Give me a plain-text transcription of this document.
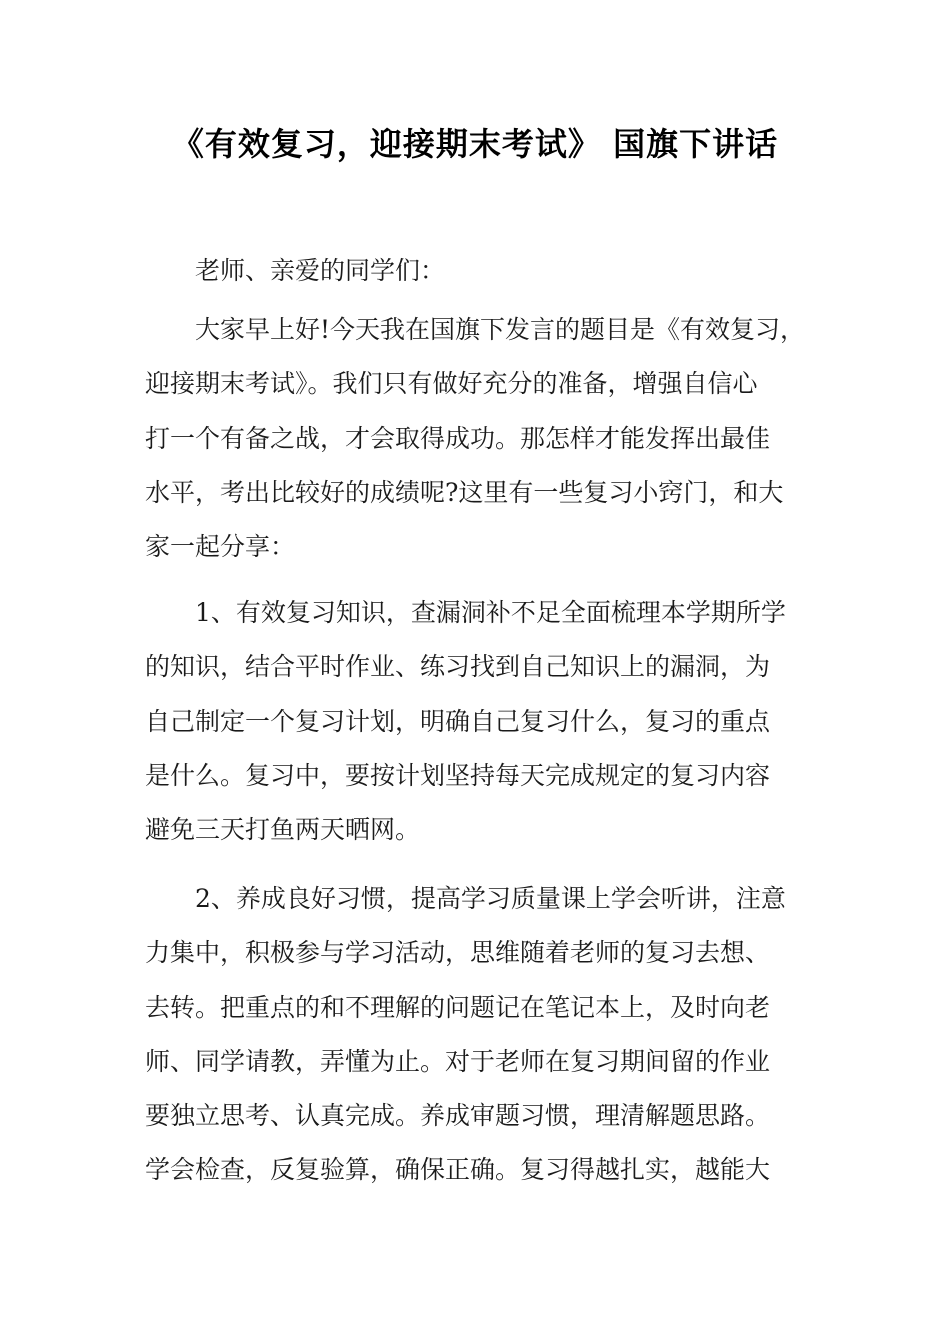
《有效复习，迎接期末考试》 国旗下讲话
老师、亲爱的同学们：
大家早上好!今天我在国旗下发言的题目是《有效复习，
迎接期末考试》。我们只有做好充分的准备，增强自信心
打一个有备之战，才会取得成功。那怎样才能发挥出最佳
水平，考出比较好的成绩呢?这里有一些复习小窍门，和大
家一起分享：
1、有效复习知识，查漏洞补不足全面梳理本学期所学
的知识，结合平时作业、练习找到自己知识上的漏洞，为
自己制定一个复习计划，明确自己复习什么，复习的重点
是什么。复习中，要按计划坚持每天完成规定的复习内容
避免三天打鱼两天晒网。
2、养成良好习惯，提高学习质量课上学会听讲，注意
力集中，积极参与学习活动，思维随着老师的复习去想、
去转。把重点的和不理解的问题记在笔记本上，及时向老
师、同学请教，弄懂为止。对于老师在复习期间留的作业
要独立思考、认真完成。养成审题习惯，理清解题思路。
学会检查，反复验算，确保正确。复习得越扎实，越能大
